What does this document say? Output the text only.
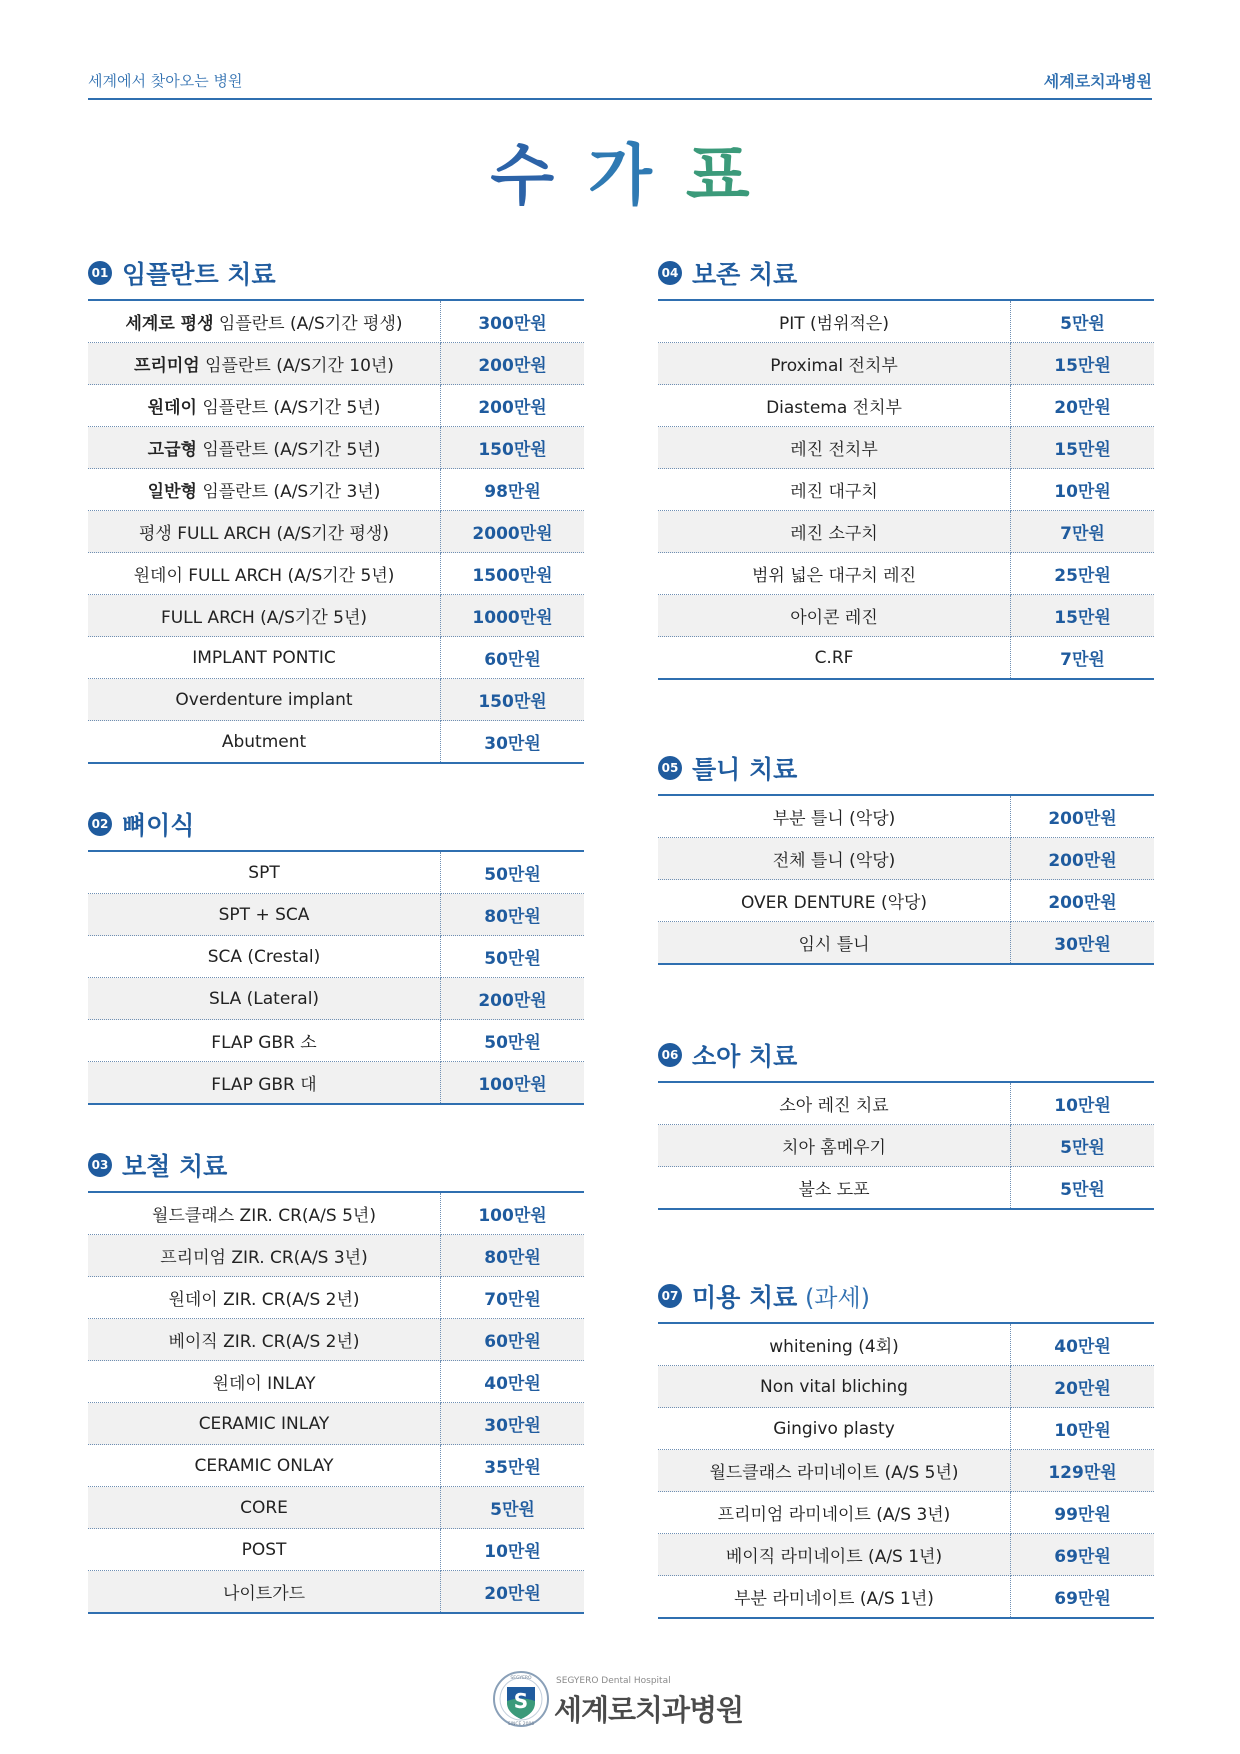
세계에서 찾아오는 병원	세계로치과병원
수가표
01 임플란트 치료
세계로 평생 임플란트 (A/S기간 평생)	300만원
프리미엄 임플란트 (A/S기간 10년)	200만원
원데이 임플란트 (A/S기간 5년)	200만원
고급형 임플란트 (A/S기간 5년)	150만원
일반형 임플란트 (A/S기간 3년)	98만원
평생 FULL ARCH (A/S기간 평생)	2000만원
원데이 FULL ARCH (A/S기간 5년)	1500만원
FULL ARCH (A/S기간 5년)	1000만원
IMPLANT PONTIC	60만원
Overdenture implant	150만원
Abutment	30만원
02 뼈이식
SPT	50만원
SPT + SCA	80만원
SCA (Crestal)	50만원
SLA (Lateral)	200만원
FLAP GBR 소	50만원
FLAP GBR 대	100만원
03 보철 치료
월드클래스 ZIR. CR(A/S 5년)	100만원
프리미엄 ZIR. CR(A/S 3년)	80만원
원데이 ZIR. CR(A/S 2년)	70만원
베이직 ZIR. CR(A/S 2년)	60만원
원데이 INLAY	40만원
CERAMIC INLAY	30만원
CERAMIC ONLAY	35만원
CORE	5만원
POST	10만원
나이트가드	20만원
04 보존 치료
PIT (범위적은)	5만원
Proximal 전치부	15만원
Diastema 전치부	20만원
레진 전치부	15만원
레진 대구치	10만원
레진 소구치	7만원
범위 넓은 대구치 레진	25만원
아이콘 레진	15만원
C.RF	7만원
05 틀니 치료
부분 틀니 (악당)	200만원
전체 틀니 (악당)	200만원
OVER DENTURE (악당)	200만원
임시 틀니	30만원
06 소아 치료
소아 레진 치료	10만원
치아 홈메우기	5만원
불소 도포	5만원
07 미용 치료 (과세)
whitening (4회)	40만원
Non vital bliching	20만원
Gingivo plasty	10만원
월드클래스 라미네이트 (A/S 5년)	129만원
프리미엄 라미네이트 (A/S 3년)	99만원
베이직 라미네이트 (A/S 1년)	69만원
부분 라미네이트 (A/S 1년)	69만원
S
SEGYERO
SINCE 2006
SEGYERO Dental Hospital
세계로치과병원
